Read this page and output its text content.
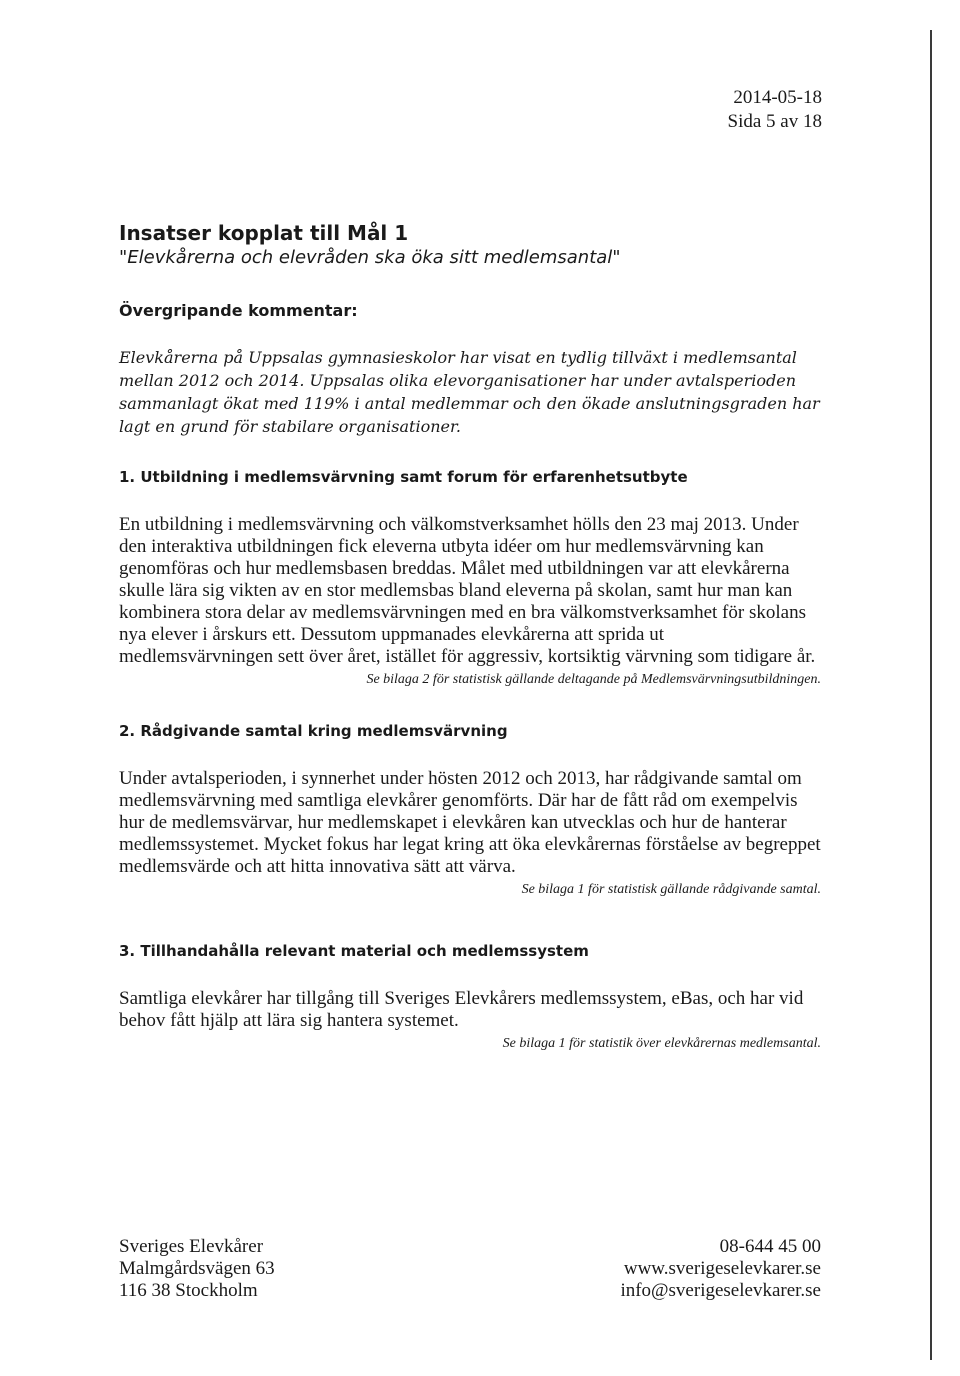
2014-05-18
Sida 5 av 18
Insatser kopplat till Mål 1

"Elevkårerna och elevråden ska öka sitt medlemsantal"

Övergripande kommentar:

Elevkårerna på Uppsalas gymnasieskolor har visat en tydlig tillväxt i medlemsantal mellan 2012 och 2014. Uppsalas olika elevorganisationer har under avtalsperioden sammanlagt ökat med 119% i antal medlemmar och den ökade anslutningsgraden har lagt en grund för stabilare organisationer.

1. Utbildning i medlemsvärvning samt forum för erfarenhetsutbyte

En utbildning i medlemsvärvning och välkomstverksamhet hölls den 23 maj 2013. Under den interaktiva utbildningen fick eleverna utbyta idéer om hur medlemsvärvning kan genomföras och hur medlemsbasen breddas. Målet med utbildningen var att elevkårerna skulle lära sig vikten av en stor medlemsbas bland eleverna på skolan, samt hur man kan kombinera stora delar av medlemsvärvningen med en bra välkomstverksamhet för skolans nya elever i årskurs ett. Dessutom uppmanades elevkårerna att sprida ut medlemsvärvningen sett över året, istället för aggressiv, kortsiktig värvning som tidigare år.

Se bilaga 2 för statistisk gällande deltagande på Medlemsvärvningsutbildningen.

2. Rådgivande samtal kring medlemsvärvning

Under avtalsperioden, i synnerhet under hösten 2012 och 2013, har rådgivande samtal om medlemsvärvning med samtliga elevkårer genomförts. Där har de fått råd om exempelvis hur de medlemsvärvar, hur medlemskapet i elevkåren kan utvecklas och hur de hanterar medlemssystemet. Mycket fokus har legat kring att öka elevkårernas förståelse av begreppet medlemsvärde och att hitta innovativa sätt att värva.

Se bilaga 1 för statistisk gällande rådgivande samtal.

3. Tillhandahålla relevant material och medlemssystem

Samtliga elevkårer har tillgång till Sveriges Elevkårers medlemssystem, eBas, och har vid behov fått hjälp att lära sig hantera systemet.

Se bilaga 1 för statistik över elevkårernas medlemsantal.

Sveriges Elevkårer
Malmgårdsvägen 63
116 38 Stockholm
08-644 45 00
www.sverigeselevkarer.se
info@sverigeselevkarer.se
